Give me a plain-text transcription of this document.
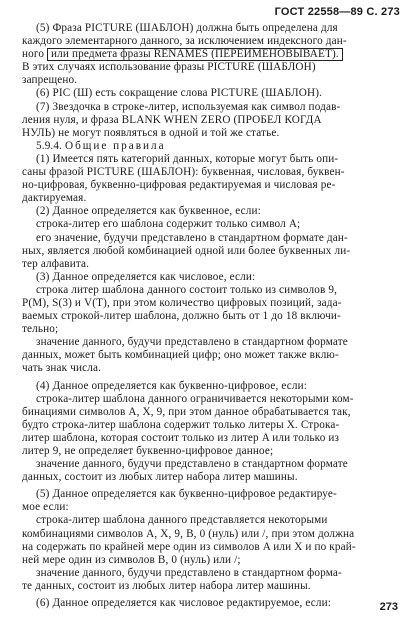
ГОСТ 22558—89 С. 273
(5) Фраза PICTURE (ШАБЛОН) должна быть определена для
каждого элементарного данного, за исключением индексного дан-
ного или предмета фразы RENAMES (ПЕРЕИМЕНОВЫВАЕТ).
В этих случаях использование фразы PICTURE (ШАБЛОН)
запрещено.
(6) PIC (Ш) есть сокращение слова PICTURE (ШАБЛОН).
(7) Звездочка в строке-литер, используемая как символ подав-
ления нуля, и фраза BLANK WHEN ZERO (ПРОБЕЛ КОГДА
НУЛЬ) не могут появляться в одной и той же статье.
5.9.4. Общие правила
(1) Имеется пять категорий данных, которые могут быть опи-
саны фразой PICTURE (ШАБЛОН): буквенная, числовая, буквен-
но-цифровая, буквенно-цифровая редактируемая и числовая ре-
дактируемая.
(2) Данное определяется как буквенное, если:
строка-литер его шаблона содержит только символ A;
его значение, будучи представлено в стандартном формате дан-
ных, является любой комбинацией одной или более буквенных ли-
тер алфавита.
(3) Данное определяется как числовое, если:
строка литер шаблона данного состоит только из символов 9,
P(M), S(3) и V(T), при этом количество цифровых позиций, зада-
ваемых строкой-литер шаблона, должно быть от 1 до 18 включи-
тельно;
значение данного, будучи представлено в стандартном формате
данных, может быть комбинацией цифр; оно может также вклю-
чать знак числа.
(4) Данное определяется как буквенно-цифровое, если:
строка-литер шаблона данного ограничивается некоторыми ком-
бинациями символов A, X, 9, при этом данное обрабатывается так,
будто строка-литер шаблона содержит только литеры X. Строка-
литер шаблона, которая состоит только из литер A или только из
литер 9, не определяет буквенно-цифровое данное;
значение данного, будучи представлено в стандартном формате
данных, состоит из любых литер набора литер машины.
(5) Данное определяется как буквенно-цифровое редактируе-
мое если:
строка-литер шаблона данного представляется некоторыми
комбинациями символов A, X, 9, B, 0 (нуль) или /, при этом должна
на содержать по крайней мере один из символов A или X и по край-
ней мере один из символов B, 0 (нуль) или /;
значение данного, будучи представлено в стандартном форма-
те данных, состоит из любых литер набора литер машины.
(6) Данное определяется как числовое редактируемое, если:	273
